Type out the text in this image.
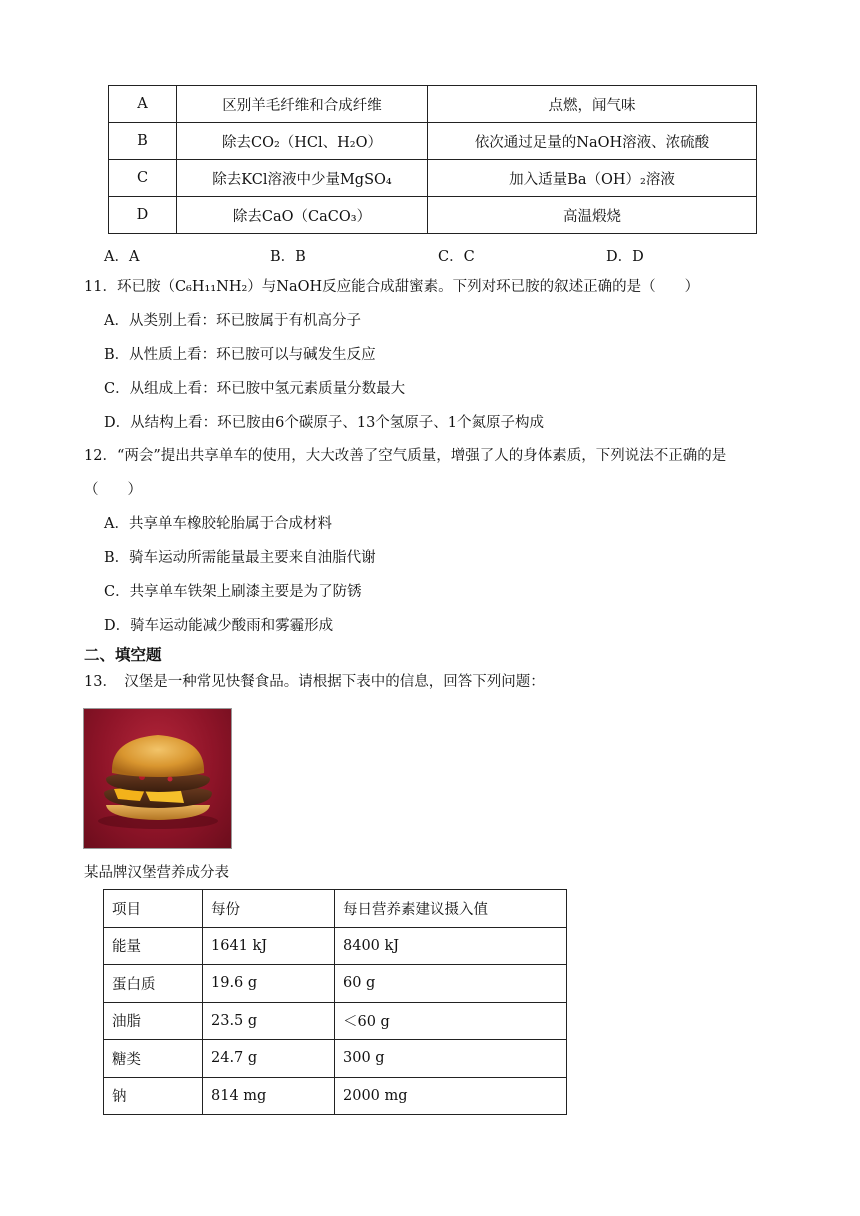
A	区别羊毛纤维和合成纤维	点燃，闻气味
B	除去CO₂（HCl、H₂O）	依次通过足量的NaOH溶液、浓硫酸
C	除去KCl溶液中少量MgSO₄	加入适量Ba（OH）₂溶液
D	除去CaO（CaCO₃）	高温煅烧
A．A	B．B	C．C	D．D
11．环已胺（C₆H₁₁NH₂）与NaOH反应能合成甜蜜素。下列对环已胺的叙述正确的是（　　）
A．从类别上看：环已胺属于有机高分子
B．从性质上看：环已胺可以与碱发生反应
C．从组成上看：环已胺中氢元素质量分数最大
D．从结构上看：环已胺由6个碳原子、13个氢原子、1个氮原子构成
12．“两会”提出共享单车的使用，大大改善了空气质量，增强了人的身体素质，下列说法不正确的是
（　　）
A．共享单车橡胶轮胎属于合成材料
B．骑车运动所需能量最主要来自油脂代谢
C．共享单车铁架上刷漆主要是为了防锈
D．骑车运动能减少酸雨和雾霾形成
二、填空题
13．　汉堡是一种常见快餐食品。请根据下表中的信息，回答下列问题：
某品牌汉堡营养成分表
项目	每份	每日营养素建议摄入值
能量	1641 kJ	8400 kJ
蛋白质	19.6 g	60 g
油脂	23.5 g	＜60 g
糖类	24.7 g	300 g
钠	814 mg	2000 mg
